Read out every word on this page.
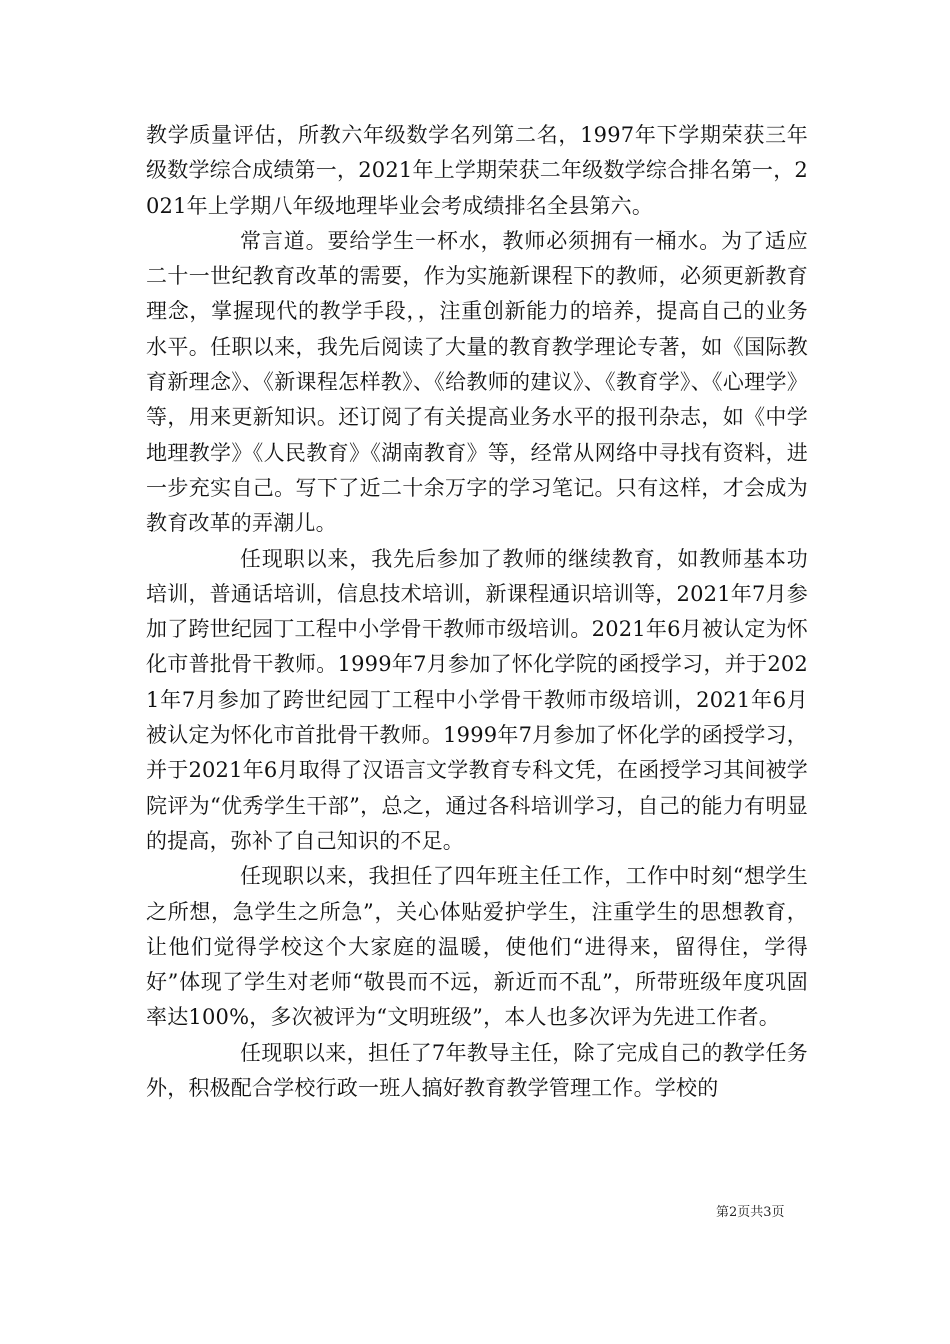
教学质量评估，所教六年级数学名列第二名，1997年下学期荣获三年级数学综合成绩第一，2021年上学期荣获二年级数学综合排名第一，2021年上学期八年级地理毕业会考成绩排名全县第六。

常言道。要给学生一杯水，教师必须拥有一桶水。为了适应二十一世纪教育改革的需要，作为实施新课程下的教师，必须更新教育理念，掌握现代的教学手段，，注重创新能力的培养，提高自己的业务水平。任职以来，我先后阅读了大量的教育教学理论专著，如《国际教育新理念》、《新课程怎样教》、《给教师的建议》、《教育学》、《心理学》等，用来更新知识。还订阅了有关提高业务水平的报刊杂志，如《中学地理教学》《人民教育》《湖南教育》等，经常从网络中寻找有资料，进一步充实自己。写下了近二十余万字的学习笔记。只有这样，才会成为教育改革的弄潮儿。

任现职以来，我先后参加了教师的继续教育，如教师基本功培训，普通话培训，信息技术培训，新课程通识培训等，2021年7月参加了跨世纪园丁工程中小学骨干教师市级培训。2021年6月被认定为怀化市普批骨干教师。1999年7月参加了怀化学院的函授学习，并于2021年7月参加了跨世纪园丁工程中小学骨干教师市级培训，2021年6月被认定为怀化市首批骨干教师。1999年7月参加了怀化学的函授学习，并于2021年6月取得了汉语言文学教育专科文凭，在函授学习其间被学院评为“优秀学生干部”，总之，通过各科培训学习，自己的能力有明显的提高，弥补了自己知识的不足。

任现职以来，我担任了四年班主任工作，工作中时刻“想学生之所想，急学生之所急”，关心体贴爱护学生，注重学生的思想教育，让他们觉得学校这个大家庭的温暖，使他们“进得来，留得住，学得好”体现了学生对老师“敬畏而不远，新近而不乱”，所带班级年度巩固率达100%，多次被评为“文明班级”，本人也多次评为先进工作者。

任现职以来，担任了7年教导主任，除了完成自己的教学任务外，积极配合学校行政一班人搞好教育教学管理工作。学校的

第2页共3页
